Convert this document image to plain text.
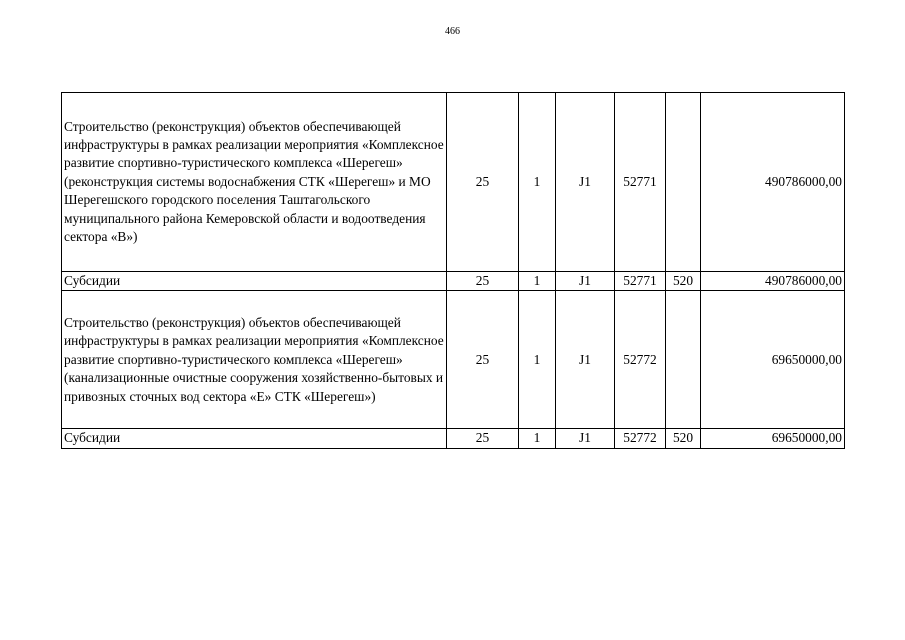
466
Строительство (реконструкция) объектов обеспечивающей инфраструктуры в рамках реализации мероприятия «Комплексное развитие спортивно-туристического комплекса «Шерегеш» (реконструкция системы водоснабжения СТК «Шерегеш» и МО Шерегешского городского поселения Таштагольского муниципального района Кемеровской области и водоотведения сектора «В»)	25	1	J1	52771		490786000,00
Субсидии	25	1	J1	52771	520	490786000,00
Строительство (реконструкция) объектов обеспечивающей инфраструктуры в рамках реализации мероприятия «Комплексное развитие спортивно-туристического комплекса «Шерегеш» (канализационные очистные сооружения хозяйственно-бытовых и привозных сточных вод сектора «Е» СТК «Шерегеш»)	25	1	J1	52772		69650000,00
Субсидии	25	1	J1	52772	520	69650000,00
